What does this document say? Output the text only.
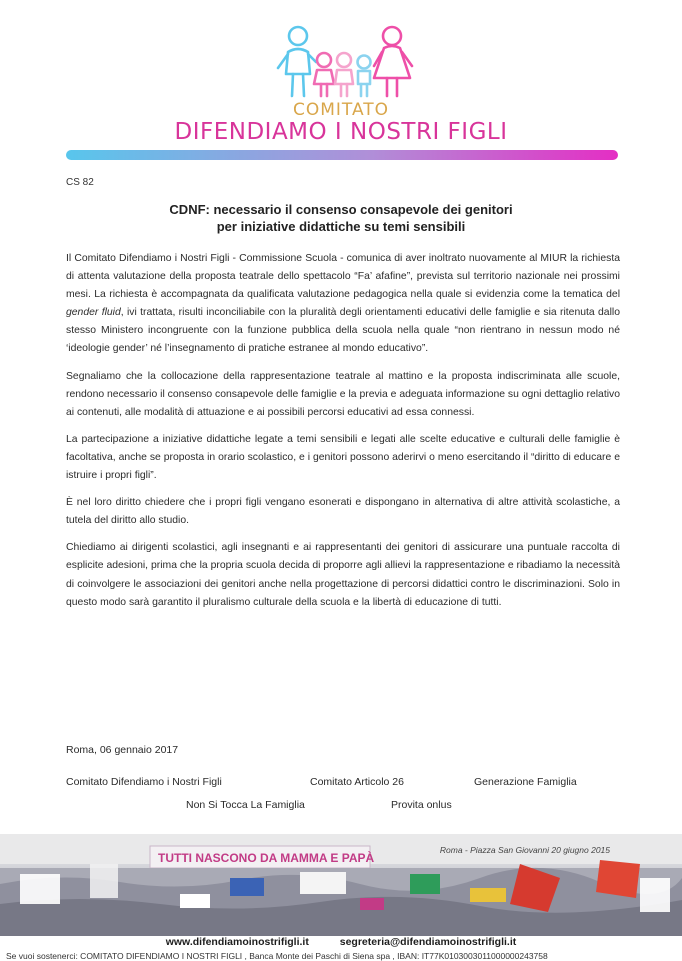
COMITATO
DIFENDIAMO I NOSTRI FIGLI
CS 82
CDNF: necessario il consenso consapevole dei genitori
per iniziative didattiche su temi sensibili

Il Comitato Difendiamo i Nostri Figli - Commissione Scuola - comunica di aver inoltrato nuovamente al MIUR la richiesta di attenta valutazione della proposta teatrale dello spettacolo “Fa’ afafine”, prevista sul territorio nazionale nei prossimi mesi. La richiesta è accompagnata da qualificata valutazione pedagogica nella quale si evidenzia come la tematica del gender fluid, ivi trattata, risulti inconciliabile con la pluralità degli orientamenti educativi delle famiglie e sia ritenuta dallo stesso Ministero incongruente con la funzione pubblica della scuola nella quale “non rientrano in nessun modo né ‘ideologie gender’ né l’insegnamento di pratiche estranee al mondo educativo”.

Segnaliamo che la collocazione della rappresentazione teatrale al mattino e la proposta indiscriminata alle scuole, rendono necessario il consenso consapevole delle famiglie e la previa e adeguata informazione su ogni dettaglio relativo ai contenuti, alle modalità di attuazione e ai possibili percorsi educativi ad essa connessi.

La partecipazione a iniziative didattiche legate a temi sensibili e legati alle scelte educative e culturali delle famiglie è facoltativa, anche se proposta in orario scolastico, e i genitori possono aderirvi o meno esercitando il “diritto di educare e istruire i propri figli”.

È nel loro diritto chiedere che i propri figli vengano esonerati e dispongano in alternativa di altre attività scolastiche, a tutela del diritto allo studio.

Chiediamo ai dirigenti scolastici, agli insegnanti e ai rappresentanti dei genitori di assicurare una puntuale raccolta di esplicite adesioni, prima che la propria scuola decida di proporre agli allievi la rappresentazione e ribadiamo la necessità di coinvolgere le associazioni dei genitori anche nella progettazione di percorsi didattici contro le discriminazioni. Solo in questo modo sarà garantito il pluralismo culturale della scuola e la libertà di educazione di tutti.

Roma, 06 gennaio 2017
Comitato Difendiamo i Nostri Figli	Comitato Articolo 26	Generazione Famiglia
Non Si Tocca La Famiglia	Provita onlus
TUTTI NASCONO DA MAMMA E PAPÀ
Roma - Piazza San Giovanni 20 giugno 2015
www.difendiamoinostrifigli.it	segreteria@difendiamoinostrifigli.it
Se vuoi sostenerci: COMITATO DIFENDIAMO I NOSTRI FIGLI , Banca Monte dei Paschi di Siena spa , IBAN: IT77K0103003011000000243758
